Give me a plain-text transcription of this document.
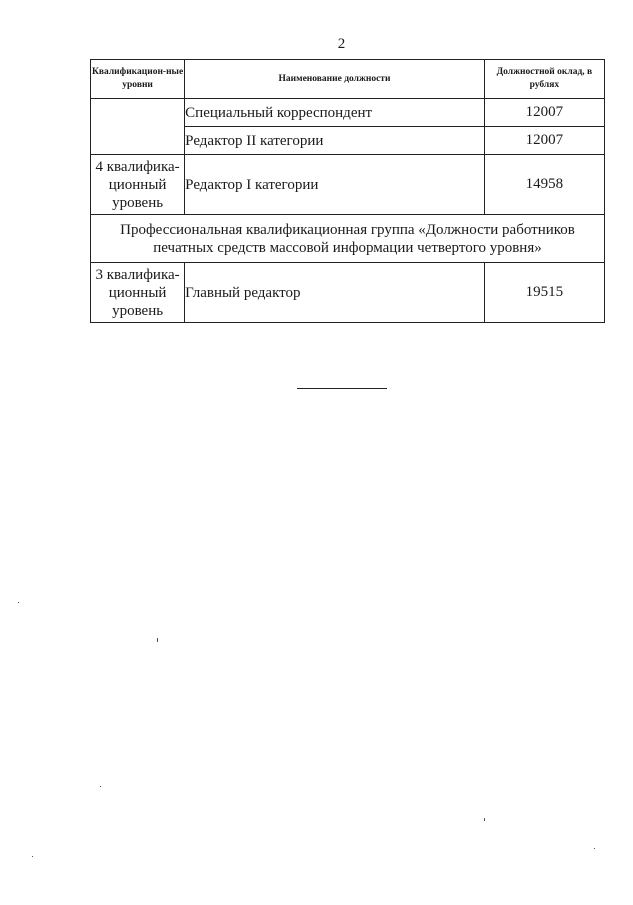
2
Квалификацион-ные уровни	Наименование должности	Должностной оклад, в рублях
	Специальный корреспондент	12007
	Редактор II категории	12007
4 квалифика-ционный уровень	Редактор I категории	14958
Профессиональная квалификационная группа «Должности работников печатных средств массовой информации четвертого уровня»		
3 квалифика-ционный уровень	Главный редактор	19515
